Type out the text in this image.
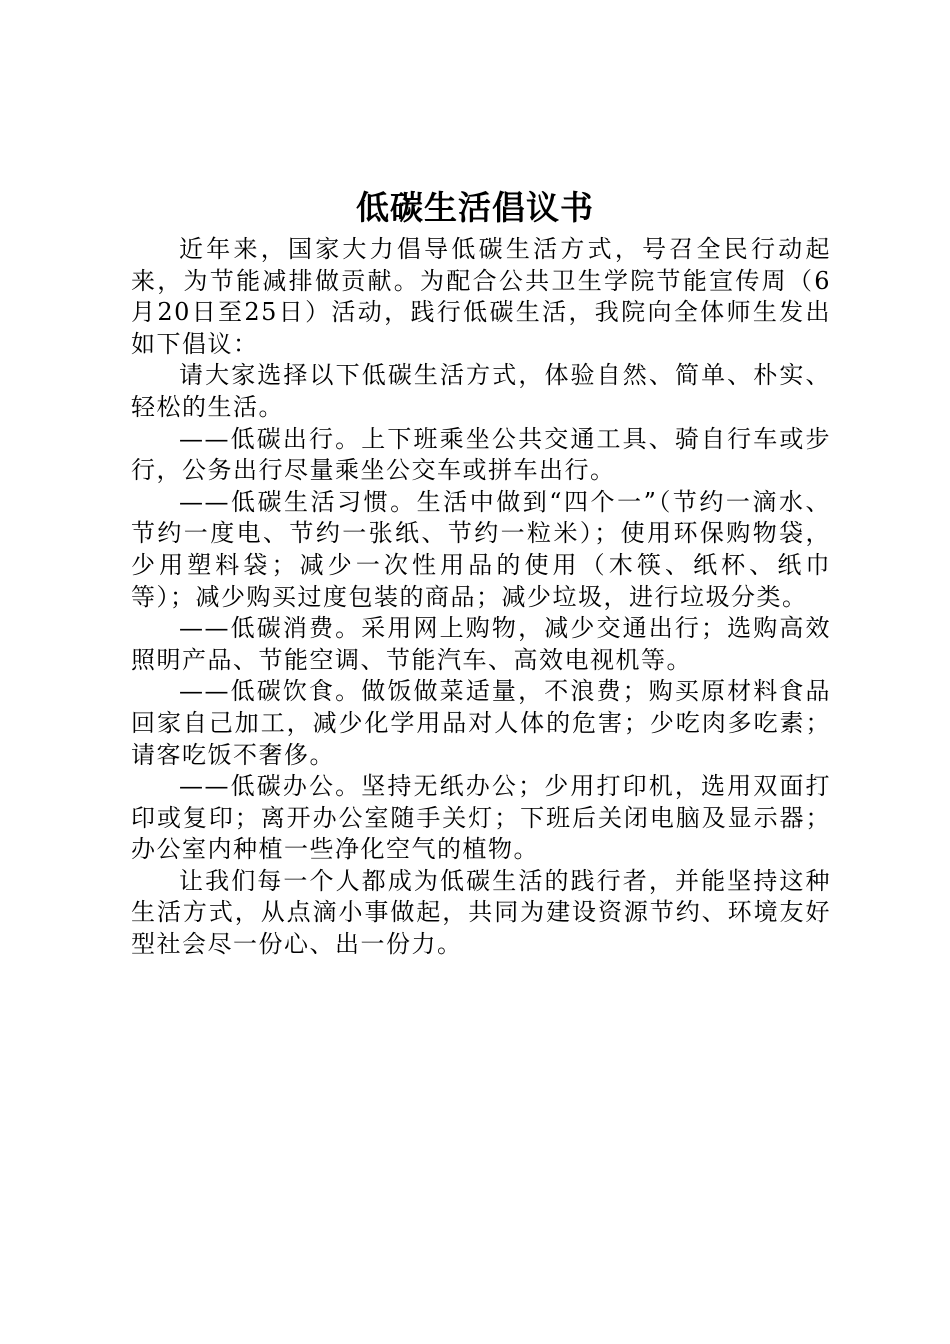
低碳生活倡议书

近年来，国家大力倡导低碳生活方式，号召全民行动起来，为节能减排做贡献。为配合公共卫生学院节能宣传周（6月20日至25日）活动，践行低碳生活，我院向全体师生发出如下倡议：

请大家选择以下低碳生活方式，体验自然、简单、朴实、轻松的生活。

——低碳出行。上下班乘坐公共交通工具、骑自行车或步行，公务出行尽量乘坐公交车或拼车出行。

——低碳生活习惯。生活中做到“四个一”（节约一滴水、节约一度电、节约一张纸、节约一粒米）；使用环保购物袋，少用塑料袋；减少一次性用品的使用（木筷、纸杯、纸巾等）；减少购买过度包装的商品；减少垃圾，进行垃圾分类。

——低碳消费。采用网上购物，减少交通出行；选购高效照明产品、节能空调、节能汽车、高效电视机等。

——低碳饮食。做饭做菜适量，不浪费；购买原材料食品回家自己加工，减少化学用品对人体的危害；少吃肉多吃素；请客吃饭不奢侈。

——低碳办公。坚持无纸办公；少用打印机，选用双面打印或复印；离开办公室随手关灯；下班后关闭电脑及显示器；办公室内种植一些净化空气的植物。

让我们每一个人都成为低碳生活的践行者，并能坚持这种生活方式，从点滴小事做起，共同为建设资源节约、环境友好型社会尽一份心、出一份力。
